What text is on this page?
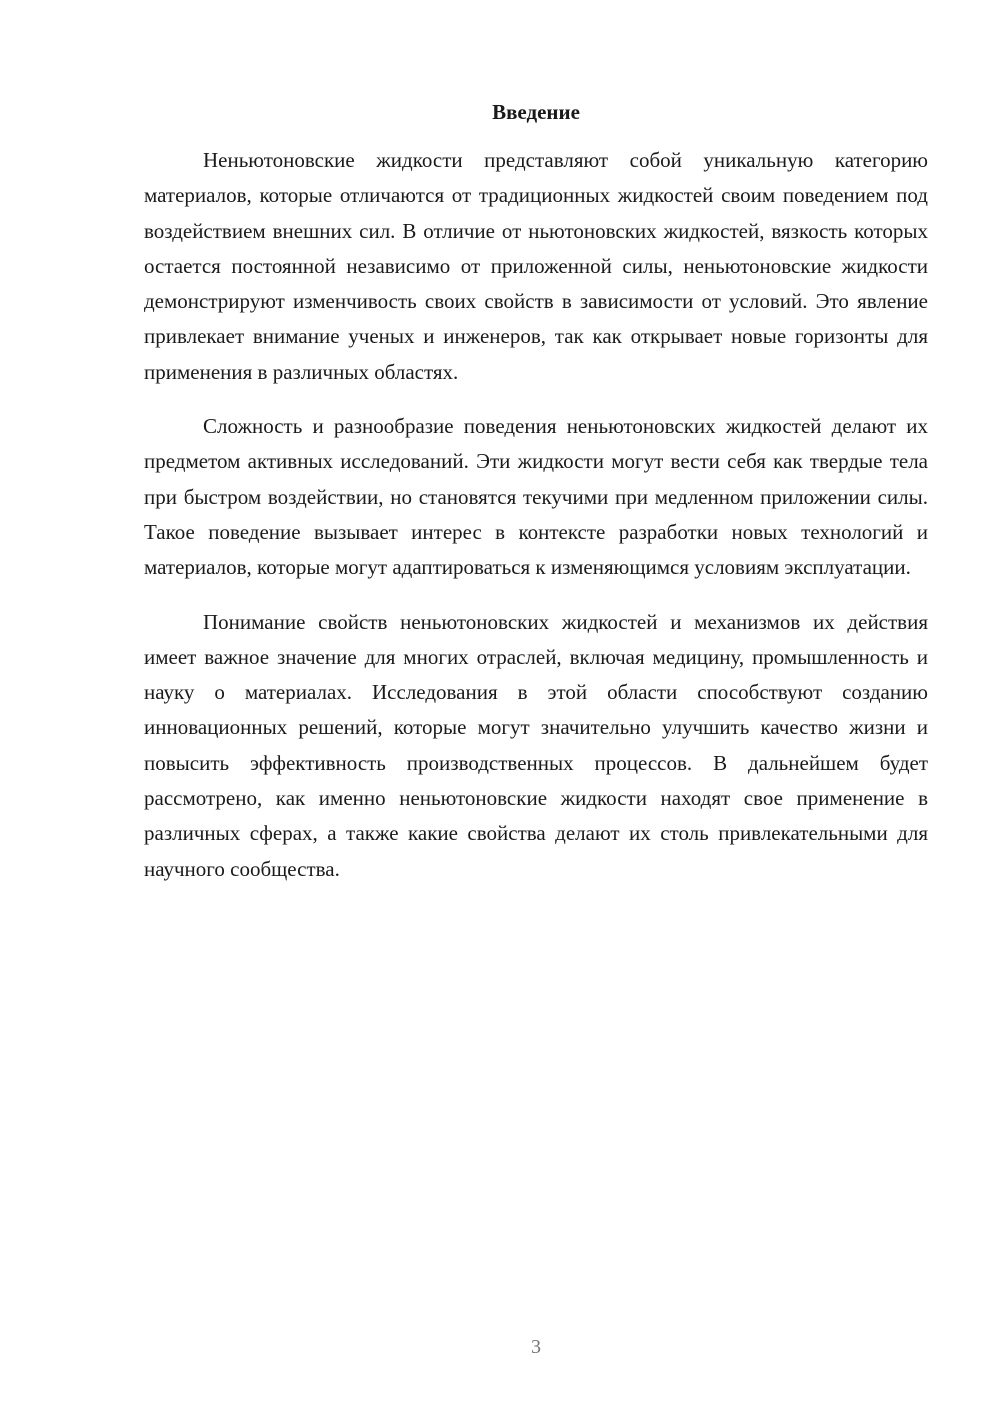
Введение

Неньютоновские жидкости представляют собой уникальную категорию материалов, которые отличаются от традиционных жидкостей своим поведением под воздействием внешних сил. В отличие от ньютоновских жидкостей, вязкость которых остается постоянной независимо от приложенной силы, неньютоновские жидкости демонстрируют изменчивость своих свойств в зависимости от условий. Это явление привлекает внимание ученых и инженеров, так как открывает новые горизонты для применения в различных областях.

Сложность и разнообразие поведения неньютоновских жидкостей делают их предметом активных исследований. Эти жидкости могут вести себя как твердые тела при быстром воздействии, но становятся текучими при медленном приложении силы. Такое поведение вызывает интерес в контексте разработки новых технологий и материалов, которые могут адаптироваться к изменяющимся условиям эксплуатации.

Понимание свойств неньютоновских жидкостей и механизмов их действия имеет важное значение для многих отраслей, включая медицину, промышленность и науку о материалах. Исследования в этой области способствуют созданию инновационных решений, которые могут значительно улучшить качество жизни и повысить эффективность производственных процессов. В дальнейшем будет рассмотрено, как именно неньютоновские жидкости находят свое применение в различных сферах, а также какие свойства делают их столь привлекательными для научного сообщества.

3
